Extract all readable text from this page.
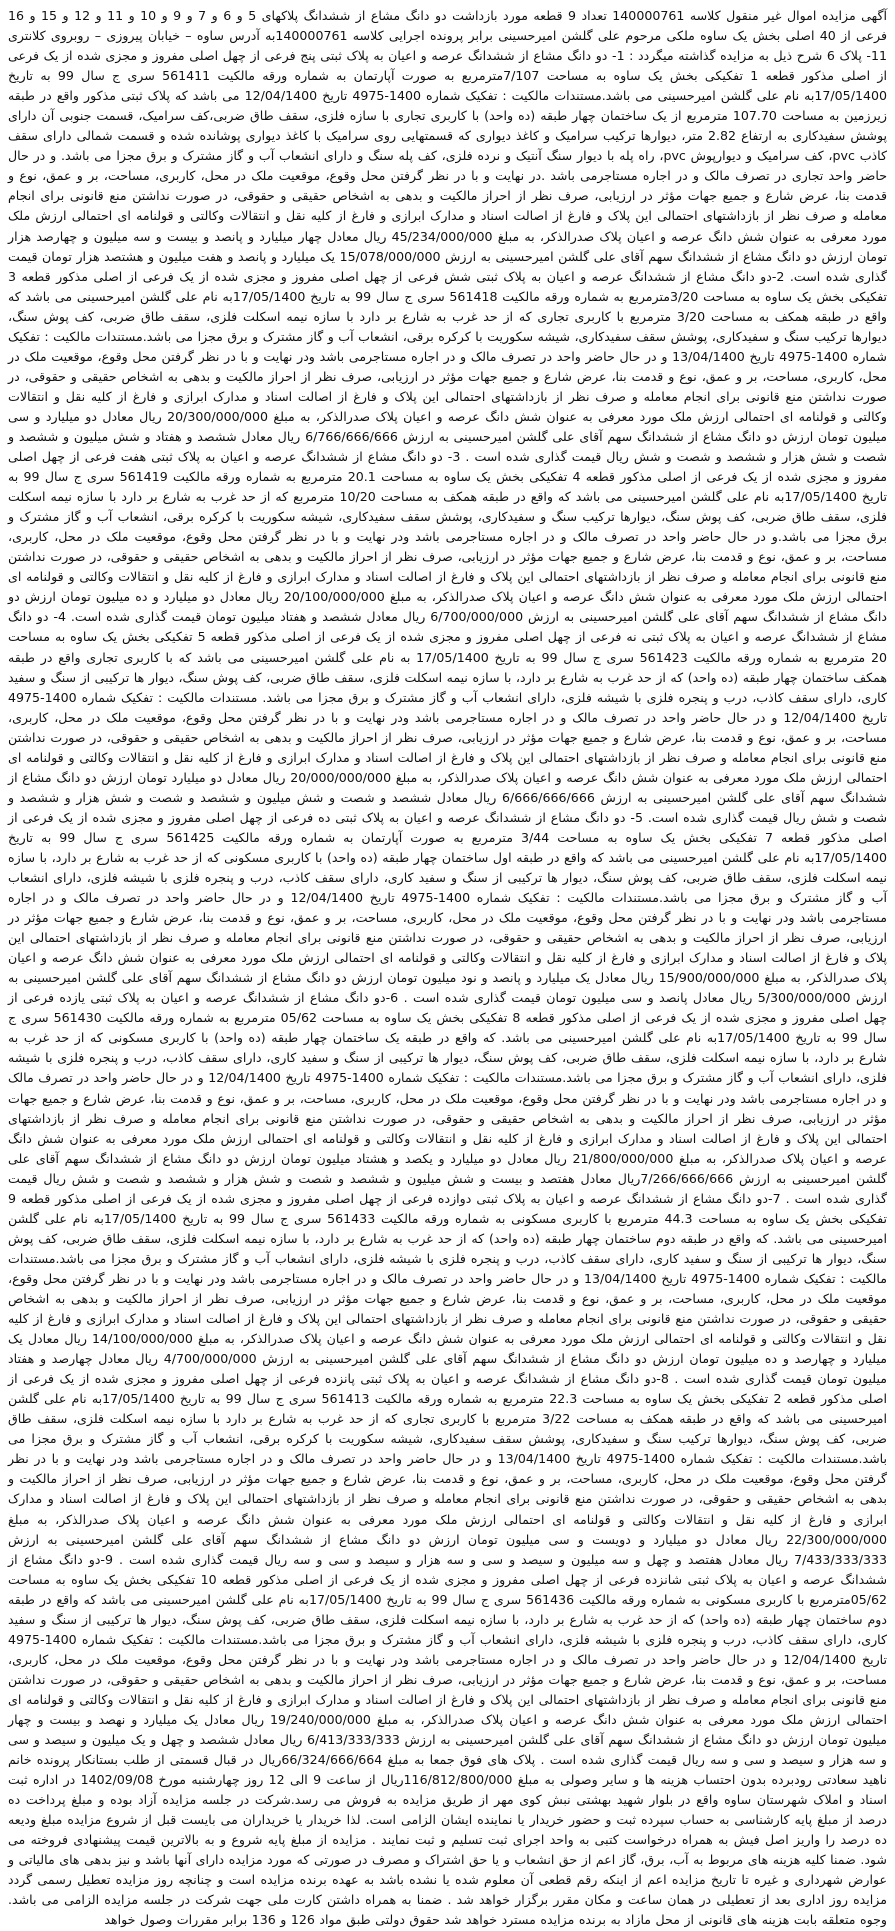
آگهی مزایده اموال غیر منقول کلاسه 140000761 تعداد 9 قطعه مورد بازداشت دو دانگ مشاع از ششدانگ پلاکهای 5 و 6 و 7 و 9 و 10 و 11 و 12 و 15 و 16 فرعی از 40 اصلی بخش یک ساوه ملکی مرحوم علی گلشن امیرحسینی برابر پرونده اجرایی کلاسه 140000761به آدرس ساوه – خیابان پیروزی – روبروی کلانتری 11- پلاک 6 شرح ذیل به مزایده گذاشته میگردد : 1- دو دانگ مشاع از ششدانگ عرصه و اعیان به پلاک ثبتی پنج فرعی از چهل اصلی مفروز و مجزی شده از یک فرعی از اصلی مذکور قطعه 1 تفکیکی بخش یک ساوه به مساحت 7/107مترمربع به صورت آپارتمان به شماره ورقه مالکیت 561411 سری ج سال 99 به تاریخ 17/05/1400به نام علی گلشن امیرحسینی می باشد.مستندات مالکیت : تفکیک شماره 1400-4975 تاریخ 12/04/1400 می باشد که پلاک ثبتی مذکور واقع در طبقه زیرزمین به مساحت 107.70 مترمربع از یک ساختمان چهار طبقه (ده واحد) با کاربری تجاری با سازه فلزی، سقف طاق ضربی،کف سرامیک، قسمت جنوبی آن دارای پوشش سفیدکاری به ارتفاع 2.82 متر، دیوارها ترکیب سرامیک و کاغذ دیواری که قسمتهایی روی سرامیک با کاغذ دیواری پوشانده شده و قسمت شمالی دارای سقف کاذب pvc، کف سرامیک و دیوارپوش pvc، راه پله با دیوار سنگ آنتیک و نرده فلزی، کف پله سنگ و دارای انشعاب آب و گاز مشترک و برق مجزا می باشد. و در حال حاضر واحد تجاری در تصرف مالک و در اجاره مستاجرمی باشد .در نهایت و با در نظر گرفتن محل وقوع، موقعیت ملک در محل، کاربری، مساحت، بر و عمق، نوع و قدمت بنا، عرض شارع و جمیع جهات مؤثر در ارزیابی، صرف نظر از احراز مالکیت و بدهی به اشخاص حقیقی و حقوقی، در صورت نداشتن منع قانونی برای انجام معامله و صرف نظر از بازداشتهای احتمالی این پلاک و فارغ از اصالت اسناد و مدارک ابرازی و فارغ از کلیه نقل و انتقالات وکالتی و قولنامه ای احتمالی ارزش ملک مورد معرفی به عنوان شش دانگ عرصه و اعیان پلاک صدرالذکر، به مبلغ 45/234/000/000 ریال معادل چهار میلیارد و پانصد و بیست و سه میلیون و چهارصد هزار تومان ارزش دو دانگ مشاع از ششدانگ سهم آقای علی گلشن امیرحسینی به ارزش 15/078/000/000 یک میلیارد و پانصد و هفت میلیون و هشتصد هزار تومان قیمت گذاری شده است. 2-دو دانگ مشاع از ششدانگ عرصه و اعیان به پلاک ثبتی شش فرعی از چهل اصلی مفروز و مجزی شده از یک فرعی از اصلی مذکور قطعه 3 تفکیکی بخش یک ساوه به مساحت 3/20مترمربع به شماره ورقه مالکیت 561418 سری ج سال 99 به تاریخ 17/05/1400به نام علی گلشن امیرحسینی می باشد که واقع در طبقه همکف به مساحت 3/20 مترمربع با کاربری تجاری که از حد غرب به شارع بر دارد با سازه نیمه اسکلت فلزی، سقف طاق ضربی، کف پوش سنگ، دیوارها ترکیب سنگ و سفیدکاری، پوشش سقف سفیدکاری، شیشه سکوریت با کرکره برقی، انشعاب آب و گاز مشترک و برق مجزا می باشد.مستندات مالکیت : تفکیک شماره 1400-4975 تاریخ 13/04/1400 و در حال حاضر واحد در تصرف مالک و در اجاره مستاجرمی باشد ودر نهایت و با در نظر گرفتن محل وقوع، موقعیت ملک در محل، کاربری، مساحت، بر و عمق، نوع و قدمت بنا، عرض شارع و جمیع جهات مؤثر در ارزیابی، صرف نظر از احراز مالکیت و بدهی به اشخاص حقیقی و حقوقی، در صورت نداشتن منع قانونی برای انجام معامله و صرف نظر از بازداشتهای احتمالی این پلاک و فارغ از اصالت اسناد و مدارک ابرازی و فارغ از کلیه نقل و انتقالات وکالتی و قولنامه ای احتمالی ارزش ملک مورد معرفی به عنوان شش دانگ عرصه و اعیان پلاک صدرالذکر، به مبلغ 20/300/000/000 ریال معادل دو میلیارد و سی میلیون تومان ارزش دو دانگ مشاع از ششدانگ سهم آقای علی گلشن امیرحسینی به ارزش 6/766/666/666 ریال معادل ششصد و هفتاد و شش میلیون و ششصد و شصت و شش هزار و ششصد و شصت و شش ریال قیمت گذاری شده است . 3- دو دانگ مشاع از ششدانگ عرصه و اعیان به پلاک ثبتی هفت فرعی از چهل اصلی مفروز و مجزی شده از یک فرعی از اصلی مذکور قطعه 4 تفکیکی بخش یک ساوه به مساحت 20.1 مترمربع به شماره ورقه مالکیت 561419 سری ج سال 99 به تاریخ 17/05/1400به نام علی گلشن امیرحسینی می باشد که واقع در طبقه همکف به مساحت 10/20 مترمربع که از حد غرب به شارع بر دارد با سازه نیمه اسکلت فلزی، سقف طاق ضربی، کف پوش سنگ، دیوارها ترکیب سنگ و سفیدکاری، پوشش سقف سفیدکاری، شیشه سکوریت با کرکره برقی، انشعاب آب و گاز مشترک و برق مجزا می باشد.و در حال حاضر واحد در تصرف مالک و در اجاره مستاجرمی باشد ودر نهایت و با در نظر گرفتن محل وقوع، موقعیت ملک در محل، کاربری، مساحت، بر و عمق، نوع و قدمت بنا، عرض شارع و جمیع جهات مؤثر در ارزیابی، صرف نظر از احراز مالکیت و بدهی به اشخاص حقیقی و حقوقی، در صورت نداشتن منع قانونی برای انجام معامله و صرف نظر از بازداشتهای احتمالی این پلاک و فارغ از اصالت اسناد و مدارک ابرازی و فارغ از کلیه نقل و انتقالات وکالتی و قولنامه ای احتمالی ارزش ملک مورد معرفی به عنوان شش دانگ عرصه و اعیان پلاک صدرالذکر، به مبلغ 20/100/000/000 ریال معادل دو میلیارد و ده میلیون تومان ارزش دو دانگ مشاع از ششدانگ سهم آقای علی گلشن امیرحسینی به ارزش 6/700/000/000 ریال معادل ششصد و هفتاد میلیون تومان قیمت گذاری شده است. 4- دو دانگ مشاع از ششدانگ عرصه و اعیان به پلاک ثبتی نه فرعی از چهل اصلی مفروز و مجزی شده از یک فرعی از اصلی مذکور قطعه 5 تفکیکی بخش یک ساوه به مساحت 20 مترمربع به شماره ورقه مالکیت 561423 سری ج سال 99 به تاریخ 17/05/1400 به نام علی گلشن امیرحسینی می باشد که با کاربری تجاری واقع در طبقه همکف ساختمان چهار طبقه (ده واحد) که از حد غرب به شارع بر دارد، با سازه نیمه اسکلت فلزی، سقف طاق ضربی، کف پوش سنگ، دیوار ها ترکیبی از سنگ و سفید کاری، دارای سقف کاذب، درب و پنجره فلزی با شیشه فلزی، دارای انشعاب آب و گاز مشترک و برق مجزا می باشد. مستندات مالکیت : تفکیک شماره 1400-4975 تاریخ 12/04/1400 و در حال حاضر واحد در تصرف مالک و در اجاره مستاجرمی باشد ودر نهایت و با در نظر گرفتن محل وقوع، موقعیت ملک در محل، کاربری، مساحت، بر و عمق، نوع و قدمت بنا، عرض شارع و جمیع جهات مؤثر در ارزیابی، صرف نظر از احراز مالکیت و بدهی به اشخاص حقیقی و حقوقی، در صورت نداشتن منع قانونی برای انجام معامله و صرف نظر از بازداشتهای احتمالی این پلاک و فارغ از اصالت اسناد و مدارک ابرازی و فارغ از کلیه نقل و انتقالات وکالتی و قولنامه ای احتمالی ارزش ملک مورد معرفی به عنوان شش دانگ عرصه و اعیان پلاک صدرالذکر، به مبلغ 20/000/000/000 ریال معادل دو میلیارد تومان ارزش دو دانگ مشاع از ششدانگ سهم آقای علی گلشن امیرحسینی به ارزش 6/666/666/666 ریال معادل ششصد و شصت و شش میلیون و ششصد و شصت و شش هزار و ششصد و شصت و شش ریال قیمت گذاری شده است. 5- دو دانگ مشاع از ششدانگ عرصه و اعیان به پلاک ثبتی ده فرعی از چهل اصلی مفروز و مجزی شده از یک فرعی از اصلی مذکور قطعه 7 تفکیکی بخش یک ساوه به مساحت 3/44 مترمربع به صورت آپارتمان به شماره ورقه مالکیت 561425 سری ج سال 99 به تاریخ 17/05/1400به نام علی گلشن امیرحسینی می باشد که واقع در طبقه اول ساختمان چهار طبقه (ده واحد) با کاربری مسکونی که از حد غرب به شارع بر دارد، با سازه نیمه اسکلت فلزی، سقف طاق ضربی، کف پوش سنگ، دیوار ها ترکیبی از سنگ و سفید کاری، دارای سقف کاذب، درب و پنجره فلزی با شیشه فلزی، دارای انشعاب آب و گاز مشترک و برق مجزا می باشد.مستندات مالکیت : تفکیک شماره 1400-4975 تاریخ 12/04/1400 و در حال حاضر واحد در تصرف مالک و در اجاره مستاجرمی باشد ودر نهایت و با در نظر گرفتن محل وقوع، موقعیت ملک در محل، کاربری، مساحت، بر و عمق، نوع و قدمت بنا، عرض شارع و جمیع جهات مؤثر در ارزیابی، صرف نظر از احراز مالکیت و بدهی به اشخاص حقیقی و حقوقی، در صورت نداشتن منع قانونی برای انجام معامله و صرف نظر از بازداشتهای احتمالی این پلاک و فارغ از اصالت اسناد و مدارک ابرازی و فارغ از کلیه نقل و انتقالات وکالتی و قولنامه ای احتمالی ارزش ملک مورد معرفی به عنوان شش دانگ عرصه و اعیان پلاک صدرالذکر، به مبلغ 15/900/000/000 ریال معادل یک میلیارد و پانصد و نود میلیون تومان ارزش دو دانگ مشاع از ششدانگ سهم آقای علی گلشن امیرحسینی به ارزش 5/300/000/000 ریال معادل پانصد و سی میلیون تومان قیمت گذاری شده است . 6-دو دانگ مشاع از ششدانگ عرصه و اعیان به پلاک ثبتی یازده فرعی از چهل اصلی مفروز و مجزی شده از یک فرعی از اصلی مذکور قطعه 8 تفکیکی بخش یک ساوه به مساحت 05/62 مترمربع به شماره ورقه مالکیت 561430 سری ج سال 99 به تاریخ 17/05/1400به نام علی گلشن امیرحسینی می باشد. که واقع در طبقه یک ساختمان چهار طبقه (ده واحد) با کاربری مسکونی که از حد غرب به شارع بر دارد، با سازه نیمه اسکلت فلزی، سقف طاق ضربی، کف پوش سنگ، دیوار ها ترکیبی از سنگ و سفید کاری، دارای سقف کاذب، درب و پنجره فلزی با شیشه فلزی، دارای انشعاب آب و گاز مشترک و برق مجزا می باشد.مستندات مالکیت : تفکیک شماره 1400-4975 تاریخ 12/04/1400 و در حال حاضر واحد در تصرف مالک و در اجاره مستاجرمی باشد ودر نهایت و با در نظر گرفتن محل وقوع، موقعیت ملک در محل، کاربری، مساحت، بر و عمق، نوع و قدمت بنا، عرض شارع و جمیع جهات مؤثر در ارزیابی، صرف نظر از احراز مالکیت و بدهی به اشخاص حقیقی و حقوقی، در صورت نداشتن منع قانونی برای انجام معامله و صرف نظر از بازداشتهای احتمالی این پلاک و فارغ از اصالت اسناد و مدارک ابرازی و فارغ از کلیه نقل و انتقالات وکالتی و قولنامه ای احتمالی ارزش ملک مورد معرفی به عنوان شش دانگ عرصه و اعیان پلاک صدرالذکر، به مبلغ 21/800/000/000 ریال معادل دو میلیارد و یکصد و هشتاد میلیون تومان ارزش دو دانگ مشاع از ششدانگ سهم آقای علی گلشن امیرحسینی به ارزش 7/266/666/666ریال معادل هفتصد و بیست و شش میلیون و ششصد و شصت و شش هزار و ششصد و شصت و شش ریال قیمت گذاری شده است . 7-دو دانگ مشاع از ششدانگ عرصه و اعیان به پلاک ثبتی دوازده فرعی از چهل اصلی مفروز و مجزی شده از یک فرعی از اصلی مذکور قطعه 9 تفکیکی بخش یک ساوه به مساحت 44.3 مترمربع با کاربری مسکونی به شماره ورقه مالکیت 561433 سری ج سال 99 به تاریخ 17/05/1400به نام علی گلشن امیرحسینی می باشد. که واقع در طبقه دوم ساختمان چهار طبقه (ده واحد) که از حد غرب به شارع بر دارد، با سازه نیمه اسکلت فلزی، سقف طاق ضربی، کف پوش سنگ، دیوار ها ترکیبی از سنگ و سفید کاری، دارای سقف کاذب، درب و پنجره فلزی با شیشه فلزی، دارای انشعاب آب و گاز مشترک و برق مجزا می باشد.مستندات مالکیت : تفکیک شماره 1400-4975 تاریخ 13/04/1400 و در حال حاضر واحد در تصرف مالک و در اجاره مستاجرمی باشد ودر نهایت و با در نظر گرفتن محل وقوع، موقعیت ملک در محل، کاربری، مساحت، بر و عمق، نوع و قدمت بنا، عرض شارع و جمیع جهات مؤثر در ارزیابی، صرف نظر از احراز مالکیت و بدهی به اشخاص حقیقی و حقوقی، در صورت نداشتن منع قانونی برای انجام معامله و صرف نظر از بازداشتهای احتمالی این پلاک و فارغ از اصالت اسناد و مدارک ابرازی و فارغ از کلیه نقل و انتقالات وکالتی و قولنامه ای احتمالی ارزش ملک مورد معرفی به عنوان شش دانگ عرصه و اعیان پلاک صدرالذکر، به مبلغ 14/100/000/000 ریال معادل یک میلیارد و چهارصد و ده میلیون تومان ارزش دو دانگ مشاع از ششدانگ سهم آقای علی گلشن امیرحسینی به ارزش 4/700/000/000 ریال معادل چهارصد و هفتاد میلیون تومان قیمت گذاری شده است . 8-دو دانگ مشاع از ششدانگ عرصه و اعیان به پلاک ثبتی پانزده فرعی از چهل اصلی مفروز و مجزی شده از یک فرعی از اصلی مذکور قطعه 2 تفکیکی بخش یک ساوه به مساحت 22.3 مترمربع به شماره ورقه مالکیت 561413 سری ج سال 99 به تاریخ 17/05/1400به نام علی گلشن امیرحسینی می باشد که واقع در طبقه همکف به مساحت 3/22 مترمربع با کاربری تجاری که از حد غرب به شارع بر دارد با سازه نیمه اسکلت فلزی، سقف طاق ضربی، کف پوش سنگ، دیوارها ترکیب سنگ و سفیدکاری، پوشش سقف سفیدکاری، شیشه سکوریت با کرکره برقی، انشعاب آب و گاز مشترک و برق مجزا می باشد.مستندات مالکیت : تفکیک شماره 1400-4975 تاریخ 13/04/1400 و در حال حاضر واحد در تصرف مالک و در اجاره مستاجرمی باشد ودر نهایت و با در نظر گرفتن محل وقوع، موقعیت ملک در محل، کاربری، مساحت، بر و عمق، نوع و قدمت بنا، عرض شارع و جمیع جهات مؤثر در ارزیابی، صرف نظر از احراز مالکیت و بدهی به اشخاص حقیقی و حقوقی، در صورت نداشتن منع قانونی برای انجام معامله و صرف نظر از بازداشتهای احتمالی این پلاک و فارغ از اصالت اسناد و مدارک ابرازی و فارغ از کلیه نقل و انتقالات وکالتی و قولنامه ای احتمالی ارزش ملک مورد معرفی به عنوان شش دانگ عرصه و اعیان پلاک صدرالذکر، به مبلغ 22/300/000/000 ریال معادل دو میلیارد و دویست و سی میلیون تومان ارزش دو دانگ مشاع از ششدانگ سهم آقای علی گلشن امیرحسینی به ارزش 7/433/333/333 ریال معادل هفتصد و چهل و سه میلیون و سیصد و سی و سه هزار و سیصد و سی و سه ریال قیمت گذاری شده است . 9-دو دانگ مشاع از ششدانگ عرصه و اعیان به پلاک ثبتی شانزده فرعی از چهل اصلی مفروز و مجزی شده از یک فرعی از اصلی مذکور قطعه 10 تفکیکی بخش یک ساوه به مساحت 05/62مترمربع با کاربری مسکونی به شماره ورقه مالکیت 561436 سری ج سال 99 به تاریخ 17/05/1400به نام علی گلشن امیرحسینی می باشد که واقع در طبقه دوم ساختمان چهار طبقه (ده واحد) که از حد غرب به شارع بر دارد، با سازه نیمه اسکلت فلزی، سقف طاق ضربی، کف پوش سنگ، دیوار ها ترکیبی از سنگ و سفید کاری، دارای سقف کاذب، درب و پنجره فلزی با شیشه فلزی، دارای انشعاب آب و گاز مشترک و برق مجزا می باشد.مستندات مالکیت : تفکیک شماره 1400-4975 تاریخ 12/04/1400 و در حال حاضر واحد در تصرف مالک و در اجاره مستاجرمی باشد ودر نهایت و با در نظر گرفتن محل وقوع، موقعیت ملک در محل، کاربری، مساحت، بر و عمق، نوع و قدمت بنا، عرض شارع و جمیع جهات مؤثر در ارزیابی، صرف نظر از احراز مالکیت و بدهی به اشخاص حقیقی و حقوقی، در صورت نداشتن منع قانونی برای انجام معامله و صرف نظر از بازداشتهای احتمالی این پلاک و فارغ از اصالت اسناد و مدارک ابرازی و فارغ از کلیه نقل و انتقالات وکالتی و قولنامه ای احتمالی ارزش ملک مورد معرفی به عنوان شش دانگ عرصه و اعیان پلاک صدرالذکر، به مبلغ 19/240/000/000 ریال معادل یک میلیارد و نهصد و بیست و چهار میلیون تومان ارزش دو دانگ مشاع از ششدانگ سهم آقای علی گلشن امیرحسینی به ارزش 6/413/333/333 ریال معادل ششصد و چهل و یک میلیون و سیصد و سی و سه هزار و سیصد و سی و سه ریال قیمت گذاری شده است . پلاک های فوق جمعا به مبلغ 66/324/666/664ریال در قبال قسمتی از طلب بستانکار پرونده خانم ناهید سعادتی رودبرده بدون احتساب هزینه ها و سایر وصولی به مبلغ 116/812/800/000ریال از ساعت 9 الی 12 روز چهارشنبه مورخ 1402/09/08 در اداره ثبت اسناد و املاک شهرستان ساوه واقع در بلوار شهید بهشتی نبش کوی مهر از طریق مزایده به فروش می رسد.شرکت در جلسه مزایده آزاد بوده و مبلغ پرداخت ده درصد از مبلغ پایه کارشناسی به حساب سپرده ثبت و حضور خریدار یا نماینده ایشان الزامی است. لذا خریدار یا خریداران می بایست قبل از شروع مزایده مبلغ ودیعه ده درصد را واریز اصل فیش به همراه درخواست کتبی به واحد اجرای ثبت تسلیم و ثبت نمایند . مزایده از مبلغ پایه شروع و به بالاترین قیمت پیشنهادی فروخته می شود. ضمنا کلیه هزینه های مربوط به آب، برق، گاز اعم از حق انشعاب و یا حق اشتراک و مصرف در صورتی که مورد مزایده دارای آنها باشد و نیز بدهی های مالیاتی و عوارض شهرداری و غیره تا تاریخ مزایده اعم از اینکه رقم قطعی آن معلوم شده یا نشده باشد به عهده برنده مزایده است و چنانچه روز مزایده تعطیل رسمی گردد مزایده روز اداری بعد از تعطیلی در همان ساعت و مکان مقرر برگزار خواهد شد . ضمنا به همراه داشتن کارت ملی جهت شرکت در جلسه مزایده الزامی می باشد. وجوه متعلقه بابت هزینه های قانونی از محل مازاد به برنده مزایده مسترد خواهد شد حقوق دولتی طبق مواد 126 و 136 برابر مقررات وصول خواهد
